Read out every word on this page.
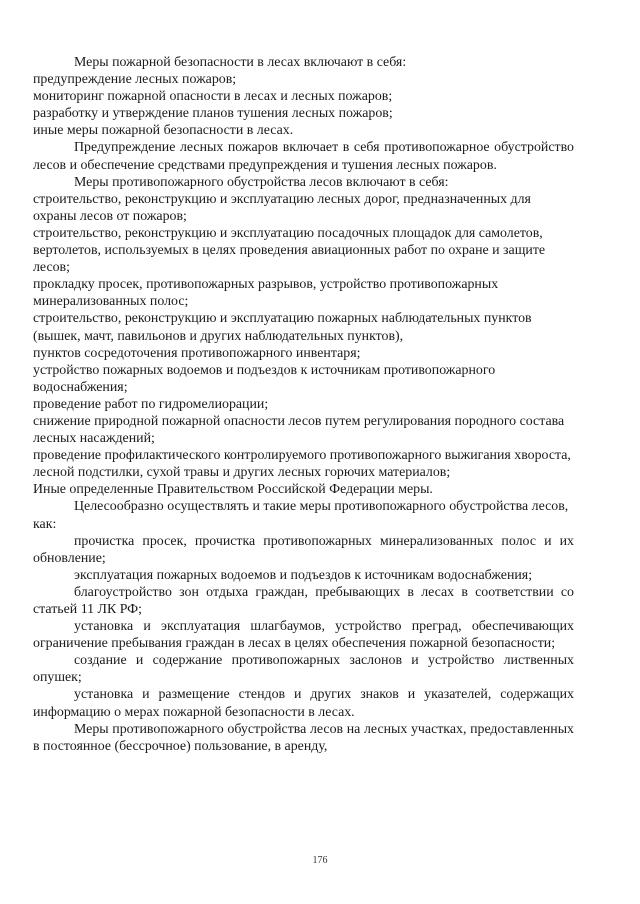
Меры пожарной безопасности в лесах включают в себя:

предупреждение лесных пожаров;

мониторинг пожарной опасности в лесах и лесных пожаров;

разработку и утверждение планов тушения лесных пожаров;

иные меры пожарной безопасности в лесах.

Предупреждение лесных пожаров включает в себя противопожарное обустройство лесов и обеспечение средствами предупреждения и тушения лесных пожаров.

Меры противопожарного обустройства лесов включают в себя:

строительство, реконструкцию и эксплуатацию лесных дорог, предназначенных для охраны лесов от пожаров;

строительство, реконструкцию и эксплуатацию посадочных площадок для самолетов, вертолетов, используемых в целях проведения авиационных работ по охране и защите лесов;

прокладку просек, противопожарных разрывов, устройство противопожарных минерализованных полос;

строительство, реконструкцию и эксплуатацию пожарных наблюдательных пунктов (вышек, мачт, павильонов и других наблюдательных пунктов),

пунктов сосредоточения противопожарного инвентаря;

устройство пожарных водоемов и подъездов к источникам противопожарного водоснабжения;

проведение работ по гидромелиорации;

снижение природной пожарной опасности лесов путем регулирования породного состава лесных насаждений;

проведение профилактического контролируемого противопожарного выжигания хвороста, лесной подстилки, сухой травы и других лесных горючих материалов;

Иные определенные Правительством Российской Федерации меры.

Целесообразно осуществлять и такие меры противопожарного обустройства лесов, как:

прочистка просек, прочистка противопожарных минерализованных полос и их обновление;

эксплуатация пожарных водоемов и подъездов к источникам водоснабжения;

благоустройство зон отдыха граждан, пребывающих в лесах в соответствии со статьей 11 ЛК РФ;

установка и эксплуатация шлагбаумов, устройство преград, обеспечивающих ограничение пребывания граждан в лесах в целях обеспечения пожарной безопасности;

создание и содержание противопожарных заслонов и устройство лиственных опушек;

установка и размещение стендов и других знаков и указателей, содержащих информацию о мерах пожарной безопасности в лесах.

Меры противопожарного обустройства лесов на лесных участках, предоставленных в постоянное (бессрочное) пользование, в аренду,

176
